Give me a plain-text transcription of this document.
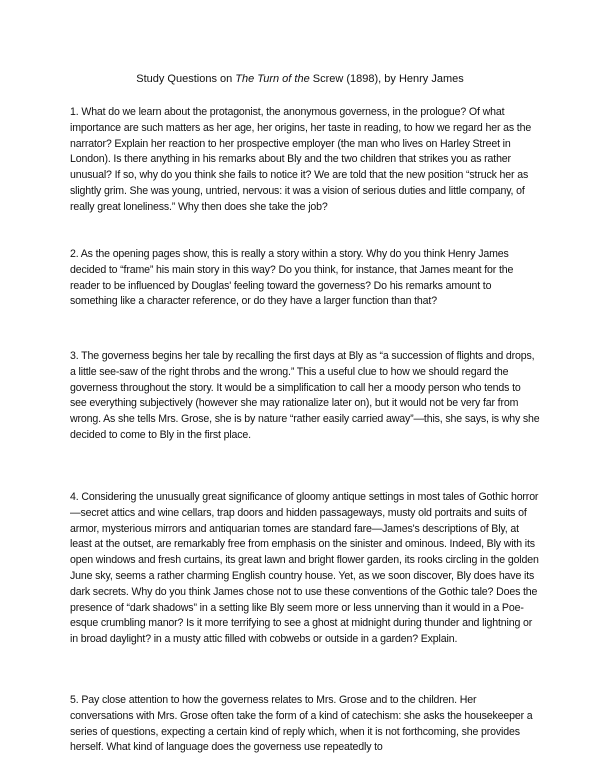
Study Questions on The Turn of the Screw (1898), by Henry James

1. What do we learn about the protagonist, the anonymous governess, in the prologue? Of what importance are such matters as her age, her origins, her taste in reading, to how we regard her as the narrator? Explain her reaction to her prospective employer (the man who lives on Harley Street in London). Is there anything in his remarks about Bly and the two children that strikes you as rather unusual? If so, why do you think she fails to notice it? We are told that the new position “struck her as slightly grim. She was young, untried, nervous: it was a vision of serious duties and little company, of really great loneliness.” Why then does she take the job?

2. As the opening pages show, this is really a story within a story. Why do you think Henry James decided to “frame” his main story in this way? Do you think, for instance, that James meant for the reader to be influenced by Douglas' feeling toward the governess? Do his remarks amount to something like a character reference, or do they have a larger function than that?

3. The governess begins her tale by recalling the first days at Bly as “a succession of flights and drops, a little see-saw of the right throbs and the wrong.” This a useful clue to how we should regard the governess throughout the story. It would be a simplification to call her a moody person who tends to see everything subjectively (however she may rationalize later on), but it would not be very far from wrong. As she tells Mrs. Grose, she is by nature “rather easily carried away”—this, she says, is why she decided to come to Bly in the first place.

4. Considering the unusually great significance of gloomy antique settings in most tales of Gothic horror—secret attics and wine cellars, trap doors and hidden passageways, musty old portraits and suits of armor, mysterious mirrors and antiquarian tomes are standard fare—James's descriptions of Bly, at least at the outset, are remarkably free from emphasis on the sinister and ominous. Indeed, Bly with its open windows and fresh curtains, its great lawn and bright flower garden, its rooks circling in the golden June sky, seems a rather charming English country house. Yet, as we soon discover, Bly does have its dark secrets. Why do you think James chose not to use these conventions of the Gothic tale? Does the presence of “dark shadows” in a setting like Bly seem more or less unnerving than it would in a Poe-esque crumbling manor? Is it more terrifying to see a ghost at midnight during thunder and lightning or in broad daylight? in a musty attic filled with cobwebs or outside in a garden? Explain.

5. Pay close attention to how the governess relates to Mrs. Grose and to the children. Her conversations with Mrs. Grose often take the form of a kind of catechism: she asks the housekeeper a series of questions, expecting a certain kind of reply which, when it is not forthcoming, she provides herself. What kind of language does the governess use repeatedly to
